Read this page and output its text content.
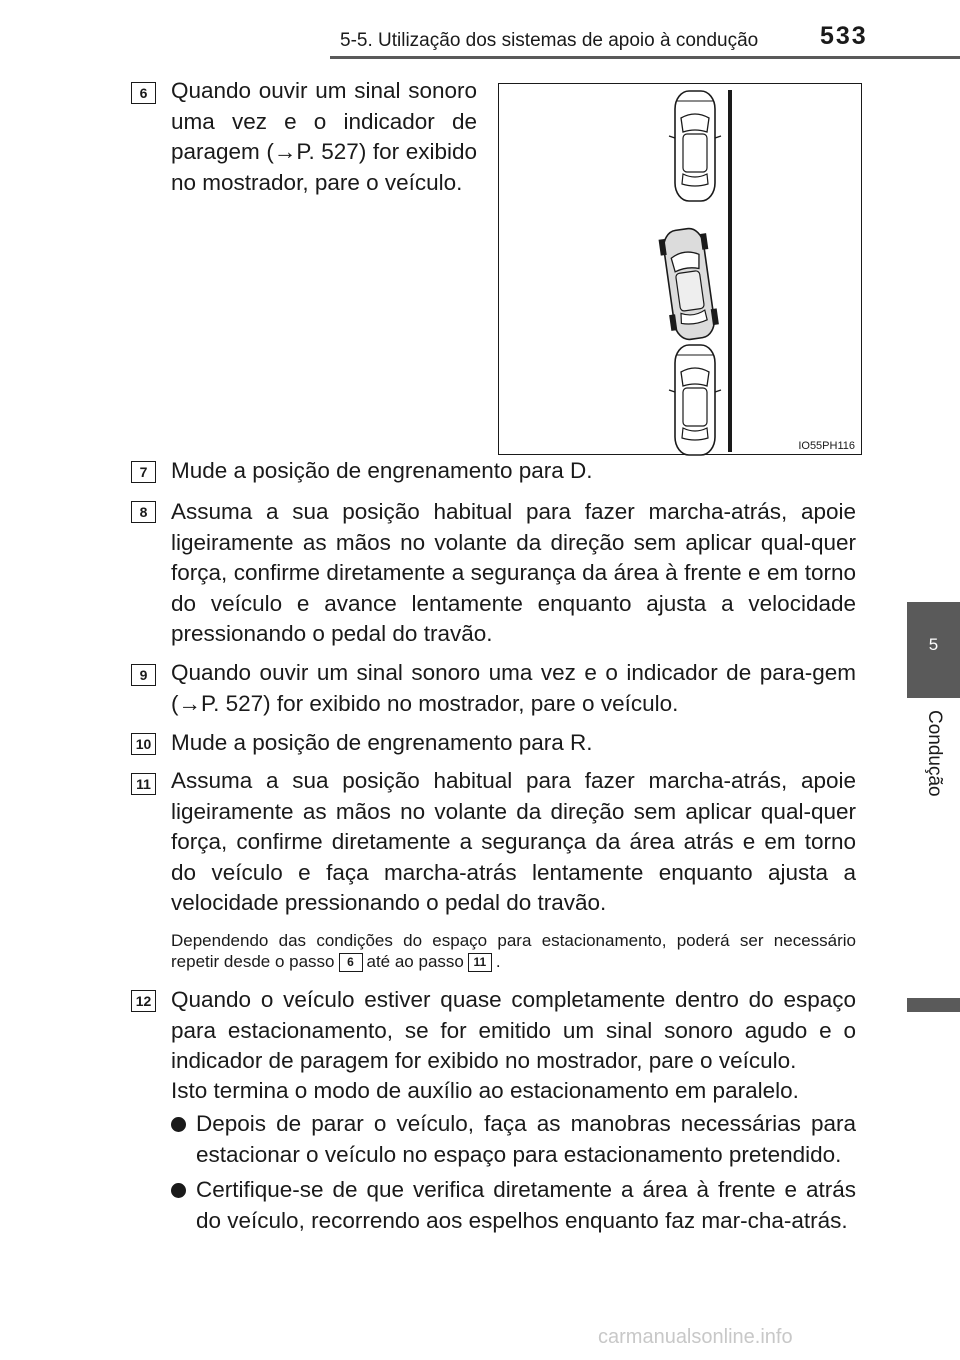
5-5. Utilização dos sistemas de apoio à condução 533
5
Condução
6	Quando ouvir um sinal sonoro uma vez e o indicador de paragem (→P. 527) for exibido no mostrador, pare o veículo.
IO55PH116
7	Mude a posição de engrenamento para D.
8	Assuma a sua posição habitual para fazer marcha-atrás, apoie ligeiramente as mãos no volante da direção sem aplicar qual-quer força, confirme diretamente a segurança da área à frente e em torno do veículo e avance lentamente enquanto ajusta a velocidade pressionando o pedal do travão.
9	Quando ouvir um sinal sonoro uma vez e o indicador de para-gem (→P. 527) for exibido no mostrador, pare o veículo.
10 Mude a posição de engrenamento para R.
11 Assuma a sua posição habitual para fazer marcha-atrás, apoie ligeiramente as mãos no volante da direção sem aplicar qual-quer força, confirme diretamente a segurança da área atrás e em torno do veículo e faça marcha-atrás lentamente enquanto ajusta a velocidade pressionando o pedal do travão.
Dependendo das condições do espaço para estacionamento, poderá ser necessário repetir desde o passo 6 até ao passo 11 .
12 Quando o veículo estiver quase completamente dentro do espaço para estacionamento, se for emitido um sinal sonoro agudo e o indicador de paragem for exibido no mostrador, pare o veículo.
Isto termina o modo de auxílio ao estacionamento em paralelo.
Depois de parar o veículo, faça as manobras necessárias para estacionar o veículo no espaço para estacionamento pretendido.
Certifique-se de que verifica diretamente a área à frente e atrás do veículo, recorrendo aos espelhos enquanto faz mar-cha-atrás.
carmanualsonline.info
